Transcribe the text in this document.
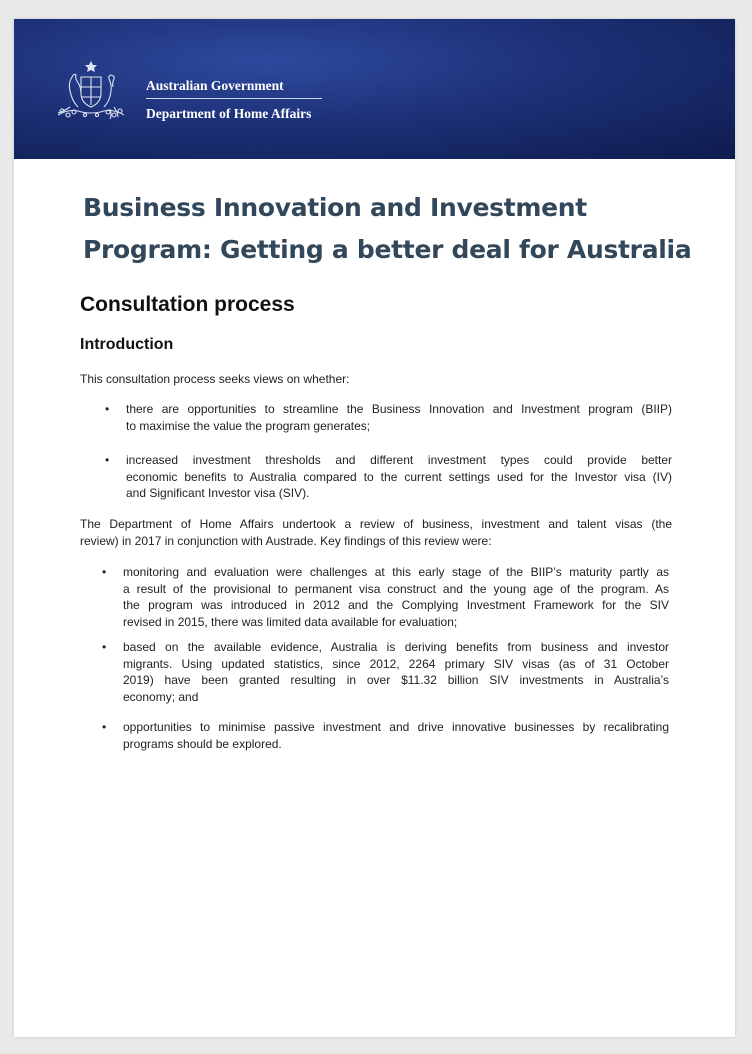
Australian Government
Department of Home Affairs
Business Innovation and Investment
Program: Getting a better deal for Australia
Consultation process
Introduction
This consultation process seeks views on whether:
• there are opportunities to streamline the Business Innovation and Investment program (BIIP)
to maximise the value the program generates;
• increased investment thresholds and different investment types could provide better
economic benefits to Australia compared to the current settings used for the Investor visa (IV)
and Significant Investor visa (SIV).
The Department of Home Affairs undertook a review of business, investment and talent visas (the
review) in 2017 in conjunction with Austrade. Key findings of this review were:
• monitoring and evaluation were challenges at this early stage of the BIIP’s maturity partly as
a result of the provisional to permanent visa construct and the young age of the program. As
the program was introduced in 2012 and the Complying Investment Framework for the SIV
revised in 2015, there was limited data available for evaluation;
• based on the available evidence, Australia is deriving benefits from business and investor
migrants. Using updated statistics, since 2012, 2264 primary SIV visas (as of 31 October
2019) have been granted resulting in over $11.32 billion SIV investments in Australia’s
economy; and
• opportunities to minimise passive investment and drive innovative businesses by recalibrating
programs should be explored.
